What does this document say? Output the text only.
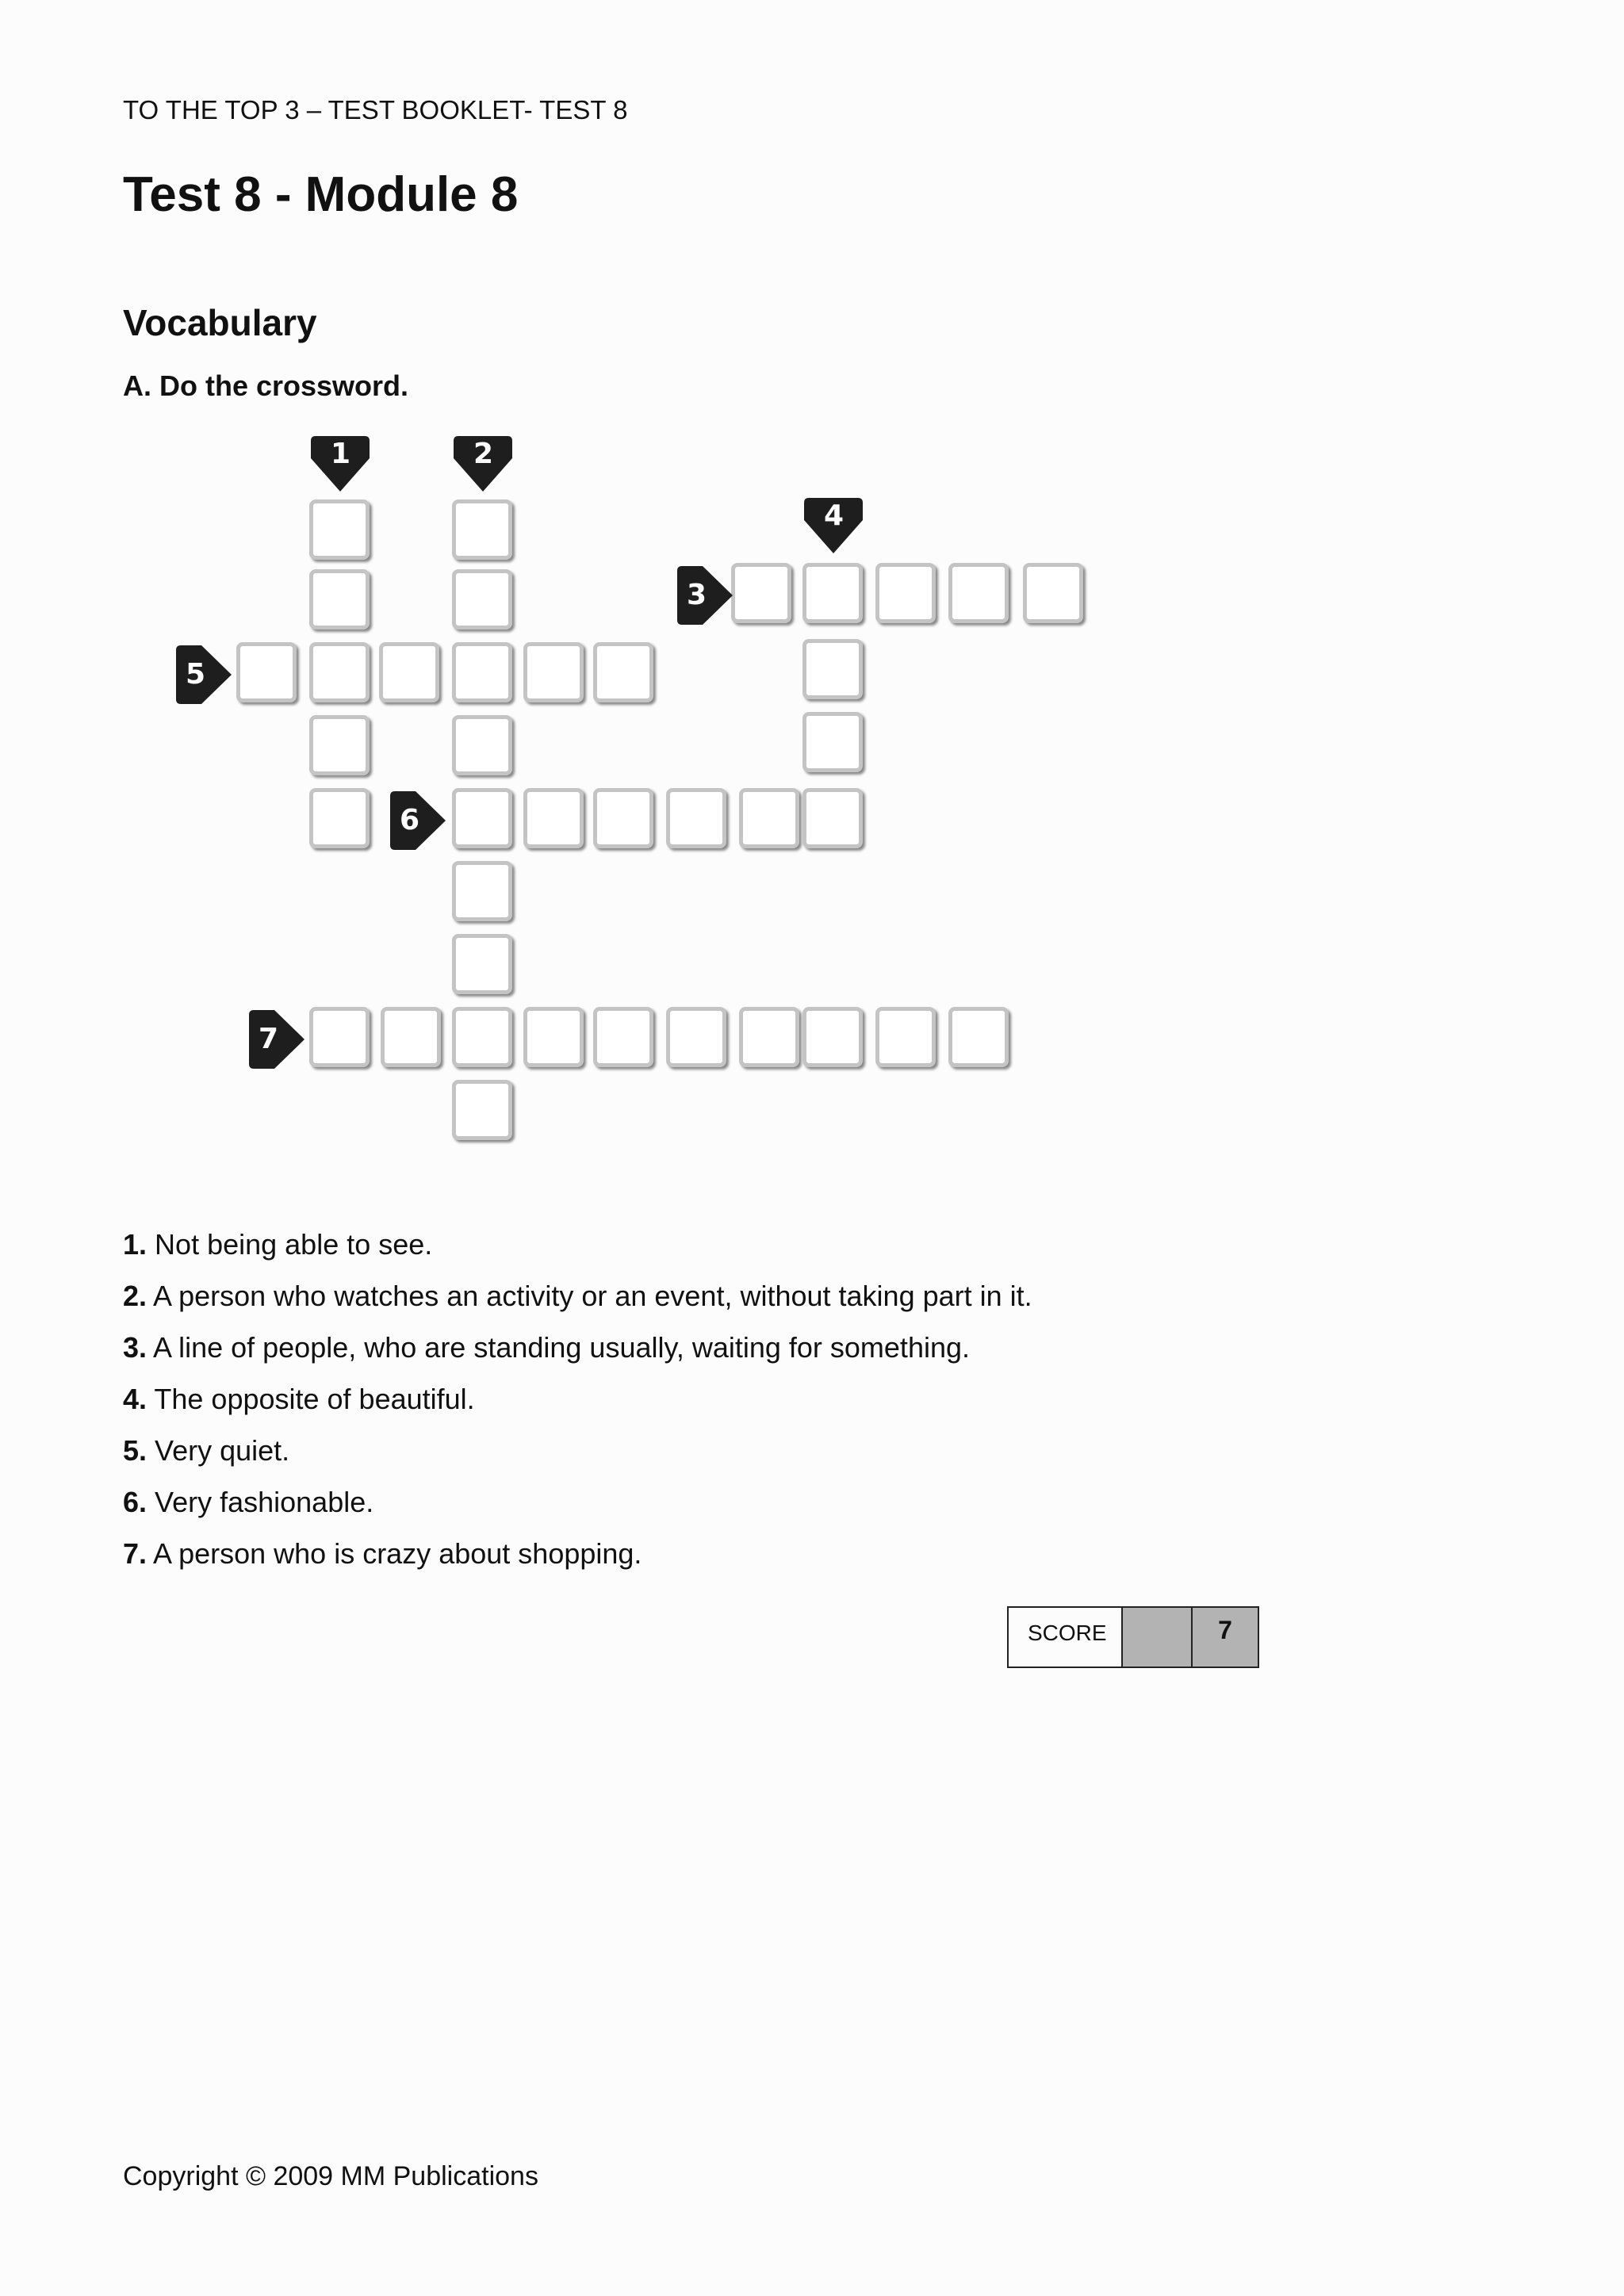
TO THE TOP 3 – TEST BOOKLET- TEST 8
Test 8 - Module 8
Vocabulary
A. Do the crossword.
1	2
3
4
5
6
7
1. Not being able to see.
2. A person who watches an activity or an event, without taking part in it.
3. A line of people, who are standing usually, waiting for something.
4. The opposite of beautiful.
5. Very quiet.
6. Very fashionable.
7. A person who is crazy about shopping.
SCORE	7
Copyright © 2009 MM Publications
